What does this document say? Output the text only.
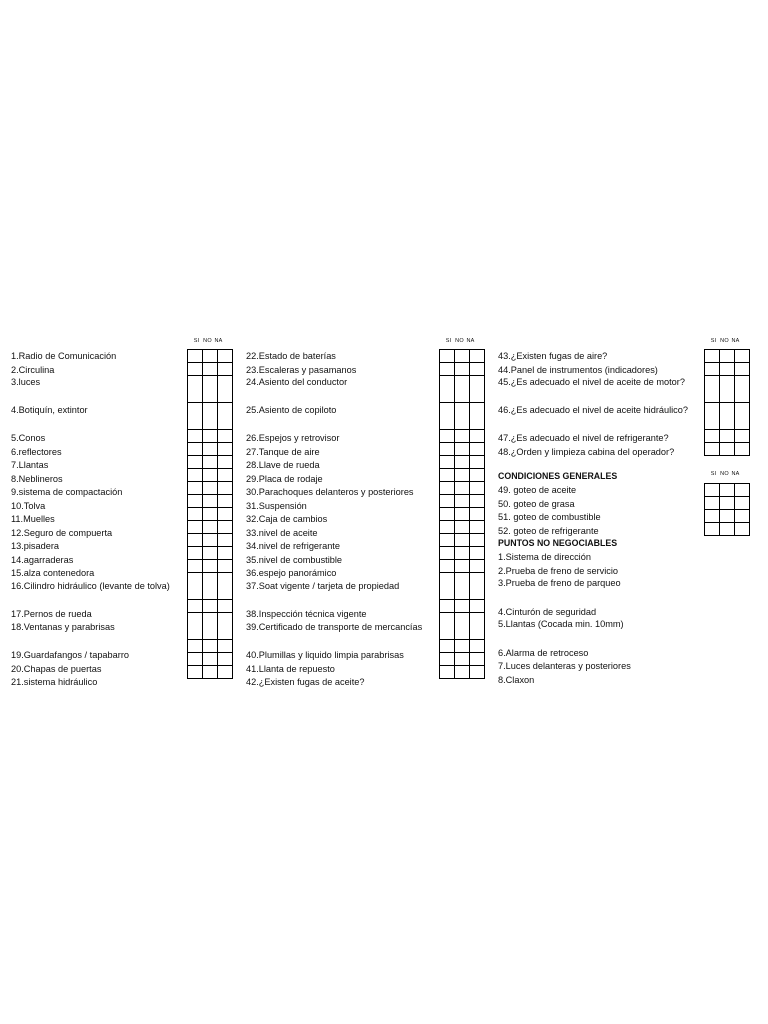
SI NO NA

1.Radio de Comunicación
2.Circulina
3.luces
4.Botiquín, extintor
5.Conos
6.reflectores
7.Llantas
8.Neblineros
9.sistema de compactación
10.Tolva
11.Muelles
12.Seguro de compuerta
13.pisadera
14.agarraderas
15.alza contenedora
16.Cilindro hidráulico (levante de tolva)
17.Pernos de rueda
18.Ventanas y parabrisas
19.Guardafangos / tapabarro
20.Chapas de puertas
21.sistema hidráulico
SI NO NA

22.Estado de baterías
23.Escaleras y pasamanos
24.Asiento del conductor
25.Asiento de copiloto
26.Espejos y retrovisor
27.Tanque de aire
28.Llave de rueda
29.Placa de rodaje
30.Parachoques delanteros y posteriores
31.Suspensión
32.Caja de cambios
33.nivel de aceite
34.nivel de refrigerante
35.nivel de combustible
36.espejo panorámico
37.Soat vigente / tarjeta de propiedad
38.Inspección técnica vigente
39.Certificado de transporte de mercancías
40.Plumillas y liquido limpia parabrisas
41.Llanta de repuesto
42.¿Existen fugas de aceite?
SI NO NA

43.¿Existen fugas de aire?
44.Panel de instrumentos (indicadores)
45.¿Es adecuado el nivel de aceite de motor?
46.¿Es adecuado el nivel de aceite hidráulico?
47.¿Es adecuado el nivel de refrigerante?
48.¿Orden y limpieza cabina del operador?
CONDICIONES GENERALES	SI NO NA

49. goteo de aceite
50. goteo de grasa
51. goteo de combustible
52. goteo de refrigerante
PUNTOS NO NEGOCIABLES
1.Sistema de dirección
2.Prueba de freno de servicio
3.Prueba de freno de parqueo
4.Cinturón de seguridad
5.Llantas (Cocada min. 10mm)
6.Alarma de retroceso
7.Luces delanteras y posteriores
8.Claxon
